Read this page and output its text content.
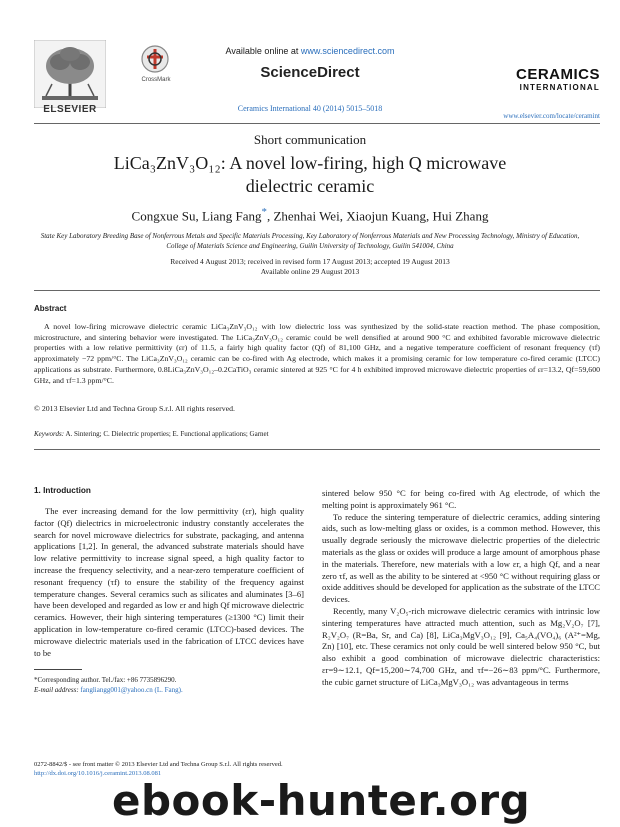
ELSEVIER
CrossMark
Available online at www.sciencedirect.com
ScienceDirect
Ceramics International 40 (2014) 5015–5018
CERAMICS
INTERNATIONAL
www.elsevier.com/locate/ceramint
Short communication
LiCa₃ZnV₃O₁₂: A novel low-firing, high Q microwave
dielectric ceramic
Congxue Su, Liang Fang*, Zhenhai Wei, Xiaojun Kuang, Hui Zhang
State Key Laboratory Breeding Base of Nonferrous Metals and Specific Materials Processing, Key Laboratory of Nonferrous Materials and New Processing Technology, Ministry of Education, College of Materials Science and Engineering, Guilin University of Technology, Guilin 541004, China
Received 4 August 2013; received in revised form 17 August 2013; accepted 19 August 2013
Available online 29 August 2013
Abstract

A novel low-firing microwave dielectric ceramic LiCa₃ZnV₃O₁₂ with low dielectric loss was synthesized by the solid-state reaction method. The phase composition, microstructure, and sintering behavior were investigated. The LiCa₃ZnV₃O₁₂ ceramic could be well densified at around 900 °C and exhibited favorable microwave dielectric properties with a low relative permittivity (εr) of 11.5, a fairly high quality factor (Qf) of 81,100 GHz, and a negative temperature coefficient of resonant frequency (τf) approximately −72 ppm/°C. The LiCa₃ZnV₃O₁₂ ceramic can be co-fired with Ag electrode, which makes it a promising ceramic for low temperature co-fired ceramic (LTCC) applications as substrate. Furthermore, 0.8LiCa₃ZnV₃O₁₂–0.2CaTiO₃ ceramic sintered at 925 °C for 4 h exhibited improved microwave dielectric properties of εr=13.2, Qf=59,600 GHz, and τf=1.3 ppm/°C.

© 2013 Elsevier Ltd and Techna Group S.r.l. All rights reserved.
Keywords: A. Sintering; C. Dielectric properties; E. Functional applications; Garnet
1. Introduction

The ever increasing demand for the low permittivity (εr), high quality factor (Qf) dielectrics in microelectronic industry constantly accelerates the search for novel microwave dielectrics for substrate, packaging, and antenna applications [1,2]. In general, the advanced substrate materials should have low relative permittivity to increase signal speed, a high quality factor to increase the frequency selectivity, and a near-zero temperature coefficient of resonant frequency (τf) to ensure the stability of the frequency against temperature changes. Several ceramics such as silicates and aluminates [3–6] have been developed and regarded as low εr and high Qf microwave dielectric ceramics. However, their high sintering temperatures (≥1300 °C) limit their application in low-temperature co-fired ceramic (LTCC)-based devices. The microwave dielectric materials used in the fabrication of LTCC devices have to be

sintered below 950 °C for being co-fired with Ag electrode, of which the melting point is approximately 961 °C.

To reduce the sintering temperature of dielectric ceramics, adding sintering aids, such as low-melting glass or oxides, is a common method. However, this usually degrade seriously the microwave dielectric properties of the dielectric materials as the glass or oxides will produce a large amount of amorphous phase in the materials. Therefore, new materials with a low εr, a high Qf, and a near zero τf, as well as the ability to be sintered at <950 °C without requiring glass or oxide additives should be developed for application as the substrate of the LTCC devices.

Recently, many V₂O₅-rich microwave dielectric ceramics with intrinsic low sintering temperatures have attracted much attention, such as Mg₂V₂O₇ [7], R₂V₂O₇ (R=Ba, Sr, and Ca) [8], LiCa₃MgV₃O₁₂ [9], Ca₅A₄(VO₄)₆ (A²⁺=Mg, Zn) [10], etc. These ceramics not only could be well sintered below 950 °C, but also exhibit a good combination of microwave dielectric characteristics: εr=9∼12.1, Qf=15,200∼74,700 GHz, and τf=−26∼83 ppm/°C. Furthermore, the cubic garnet structure of LiCa₃MgV₃O₁₂ was advantageous in terms

*Corresponding author. Tel./fax: +86 7735896290.
E-mail address: fangliangg001@yahoo.cn (L. Fang).
0272-8842/$ - see front matter © 2013 Elsevier Ltd and Techna Group S.r.l. All rights reserved.
http://dx.doi.org/10.1016/j.ceramint.2013.08.081
ebook-hunter.org
